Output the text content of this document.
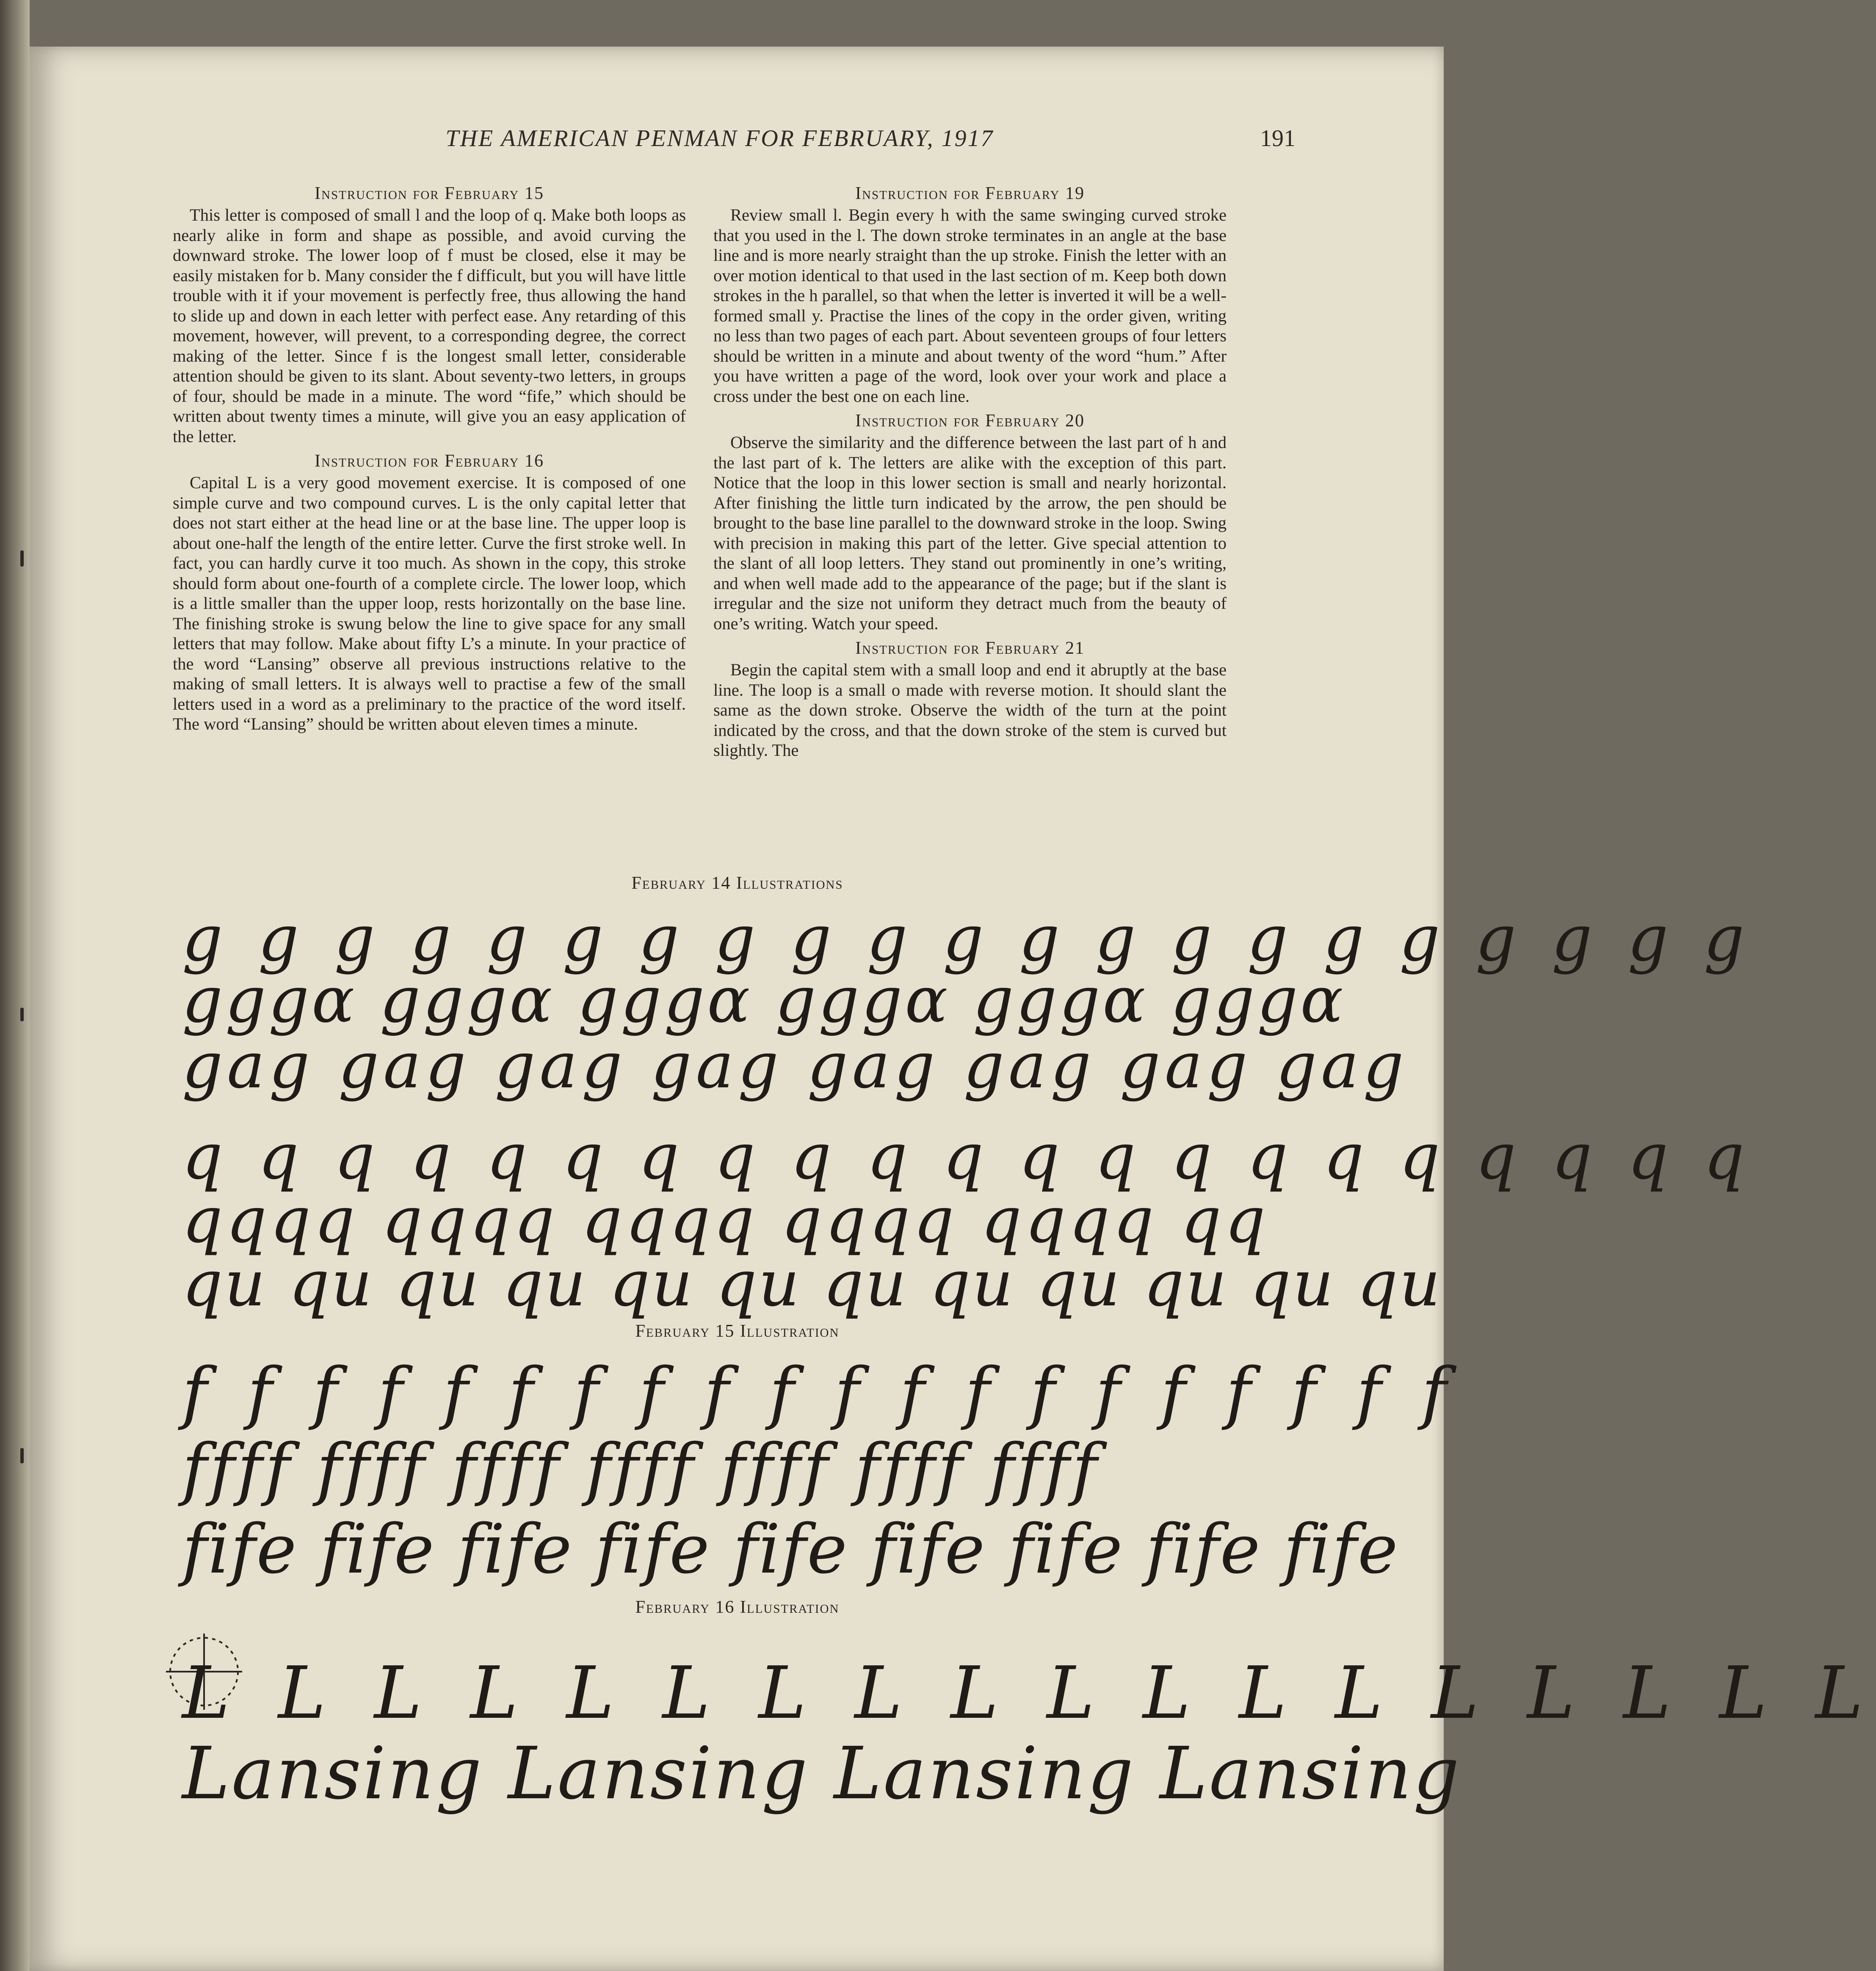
THE AMERICAN PENMAN FOR FEBRUARY, 1917	191

Instruction for February 15

This letter is composed of small l and the loop of q. Make both loops as nearly alike in form and shape as possible, and avoid curving the downward stroke. The lower loop of f must be closed, else it may be easily mistaken for b. Many consider the f difficult, but you will have little trouble with it if your movement is perfectly free, thus allowing the hand to slide up and down in each letter with perfect ease. Any retarding of this movement, however, will prevent, to a corresponding degree, the correct making of the letter. Since f is the longest small letter, considerable attention should be given to its slant. About seventy-two letters, in groups of four, should be made in a minute. The word “fife,” which should be written about twenty times a minute, will give you an easy application of the letter.

Instruction for February 16

Capital L is a very good movement exercise. It is composed of one simple curve and two compound curves. L is the only capital letter that does not start either at the head line or at the base line. The upper loop is about one-half the length of the entire letter. Curve the first stroke well. In fact, you can hardly curve it too much. As shown in the copy, this stroke should form about one-fourth of a complete circle. The lower loop, which is a little smaller than the upper loop, rests horizontally on the base line. The finishing stroke is swung below the line to give space for any small letters that may follow. Make about fifty L’s a minute. In your practice of the word “Lansing” observe all previous instructions relative to the making of small letters. It is always well to practise a few of the small letters used in a word as a preliminary to the practice of the word itself. The word “Lansing” should be written about eleven times a minute.

Instruction for February 19

Review small l. Begin every h with the same swinging curved stroke that you used in the l. The down stroke terminates in an angle at the base line and is more nearly straight than the up stroke. Finish the letter with an over motion identical to that used in the last section of m. Keep both down strokes in the h parallel, so that when the letter is inverted it will be a well-formed small y. Practise the lines of the copy in the order given, writing no less than two pages of each part. About seventeen groups of four letters should be written in a minute and about twenty of the word “hum.” After you have written a page of the word, look over your work and place a cross under the best one on each line.

Instruction for February 20

Observe the similarity and the difference between the last part of h and the last part of k. The letters are alike with the exception of this part. Notice that the loop in this lower section is small and nearly horizontal. After finishing the little turn indicated by the arrow, the pen should be brought to the base line parallel to the downward stroke in the loop. Swing with precision in making this part of the letter. Give special attention to the slant of all loop letters. They stand out prominently in one’s writing, and when well made add to the appearance of the page; but if the slant is irregular and the size not uniform they detract much from the beauty of one’s writing. Watch your speed.

Instruction for February 21

Begin the capital stem with a small loop and end it abruptly at the base line. The loop is a small o made with reverse motion. It should slant the same as the down stroke. Observe the width of the turn at the point indicated by the cross, and that the down stroke of the stem is curved but slightly. The

February 14 Illustrations
g g g g g g g g g g g g g g g g g g g g g
gggɑ gggɑ gggɑ gggɑ gggɑ gggɑ
gag gag gag gag gag gag gag gag
q q q q q q q q q q q q q q q q q q q q q
qqqq qqqq qqqq qqqq qqqq qq
qu qu qu qu qu qu qu qu qu qu qu qu
February 15 Illustration
f f f f f f f f f f f f f f f f f f f f
ffff ffff ffff ffff ffff ffff ffff
fife fife fife fife fife fife fife fife fife
February 16 Illustration
L L L L L L L L L L L L L L L L L L
Lansing Lansing Lansing Lansing
